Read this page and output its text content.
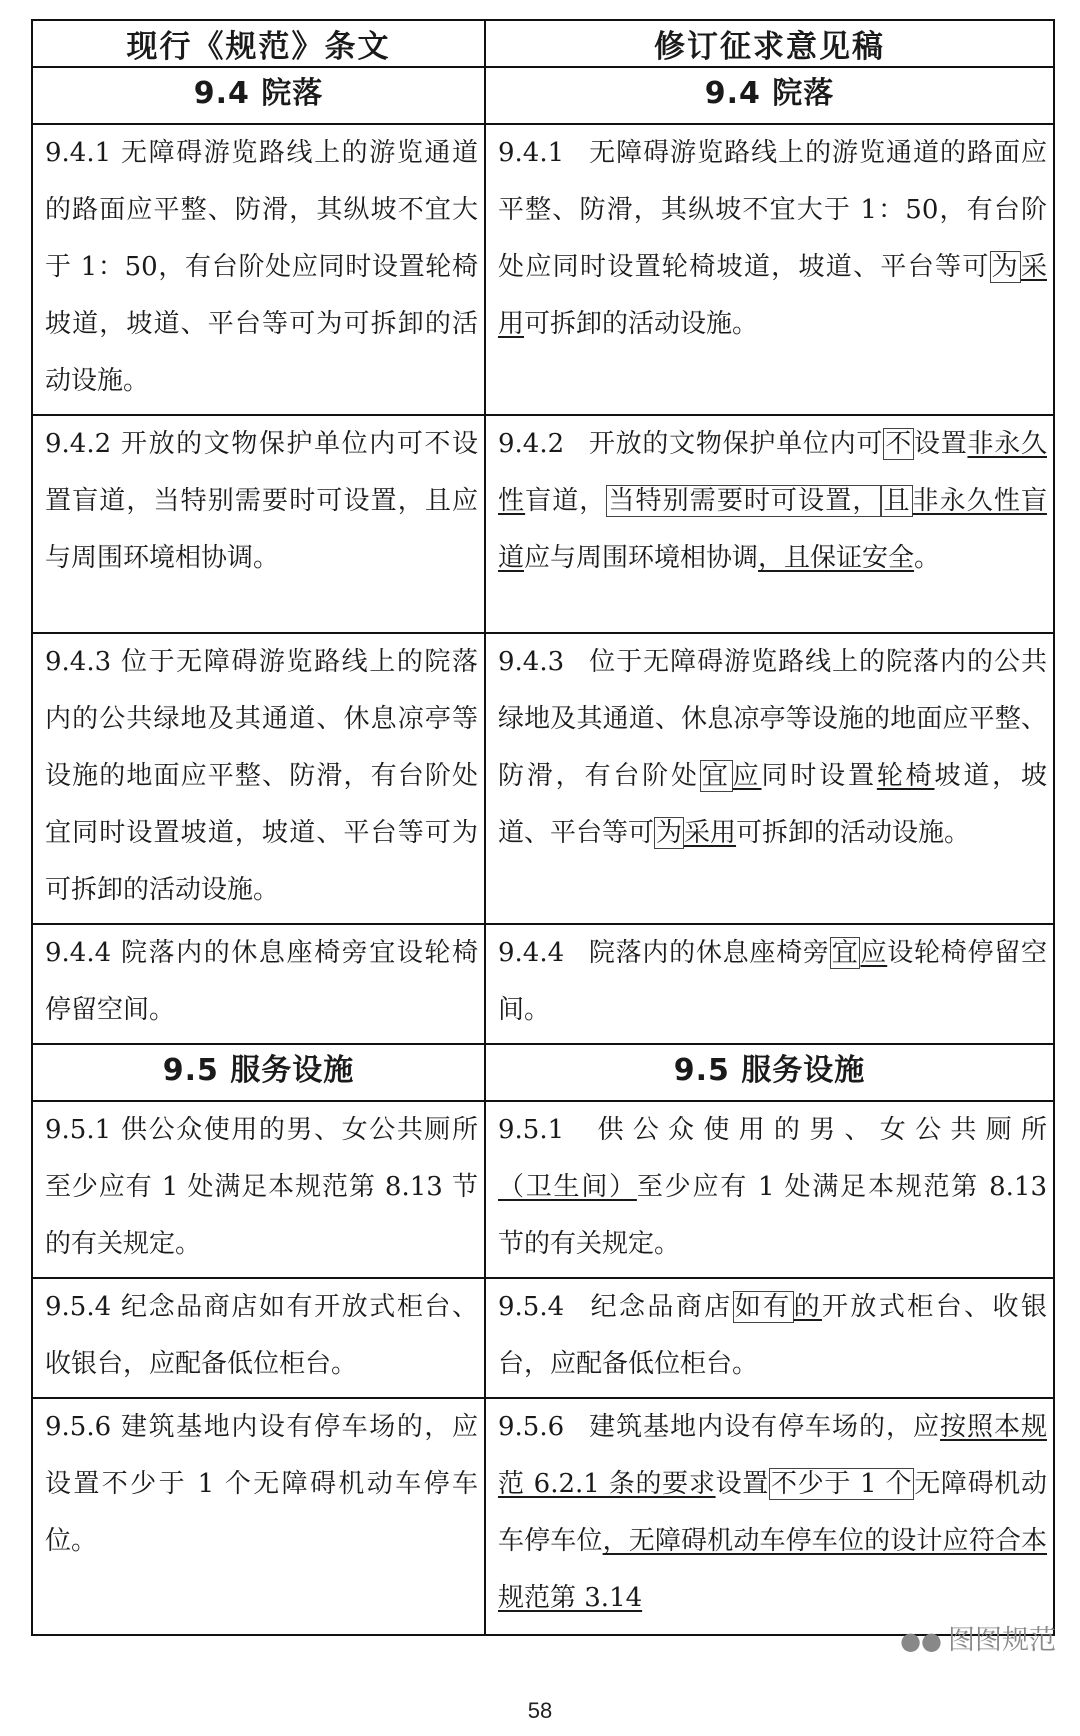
现行《规范》条文	修订征求意见稿
9.4 院落	9.4 院落
9.4.1 无障碍游览路线上的游览通道的路面应平整、防滑，其纵坡不宜大于 1：50，有台阶处应同时设置轮椅坡道，坡道、平台等可为可拆卸的活动设施。	9.4.1 无障碍游览路线上的游览通道的路面应平整、防滑，其纵坡不宜大于 1：50，有台阶处应同时设置轮椅坡道，坡道、平台等可为采用可拆卸的活动设施。
9.4.2 开放的文物保护单位内可不设置盲道，当特别需要时可设置，且应与周围环境相协调。	9.4.2 开放的文物保护单位内可不设置非永久性盲道，当特别需要时可设置， 且非永久性盲道应与周围环境相协调，且保证安全。
9.4.3 位于无障碍游览路线上的院落内的公共绿地及其通道、休息凉亭等设施的地面应平整、防滑，有台阶处宜同时设置坡道，坡道、平台等可为可拆卸的活动设施。	9.4.3 位于无障碍游览路线上的院落内的公共绿地及其通道、休息凉亭等设施的地面应平整、防滑，有台阶处宜应同时设置轮椅坡道，坡道、平台等可为采用可拆卸的活动设施。
9.4.4 院落内的休息座椅旁宜设轮椅停留空间。	9.4.4 院落内的休息座椅旁宜应设轮椅停留空间。
9.5 服务设施	9.5 服务设施
9.5.1 供公众使用的男、女公共厕所至少应有 1 处满足本规范第 8.13 节的有关规定。	9.5.1 供公众使用的男、女公共厕所（卫生间）至少应有 1 处满足本规范第 8.13 节的有关规定。
9.5.4 纪念品商店如有开放式柜台、收银台，应配备低位柜台。	9.5.4 纪念品商店如有的开放式柜台、收银台，应配备低位柜台。
9.5.6 建筑基地内设有停车场的，应设置不少于 1 个无障碍机动车停车位。	9.5.6 建筑基地内设有停车场的，应按照本规范 6.2.1 条的要求设置不少于 1 个无障碍机动车停车位，无障碍机动车停车位的设计应符合本规范第 3.14
●● 图图规范
58
